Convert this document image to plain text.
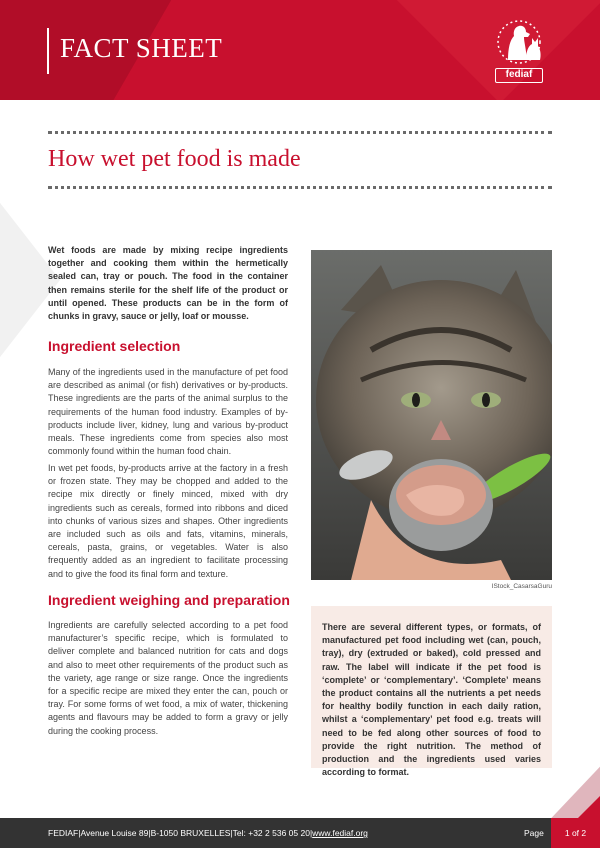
FACT SHEET
fediaf
How wet pet food is made
Wet foods are made by mixing recipe ingredients together and cooking them within the hermetically sealed can, tray or pouch. The food in the container then remains sterile for the shelf life of the product or until opened. These products can be in the form of chunks in gravy, sauce or jelly, loaf or mousse.
Ingredient selection
Many of the ingredients used in the manufacture of pet food are described as animal (or fish) derivatives or by-products. These ingredients are the parts of the animal surplus to the requirements of the human food industry. Examples of by-products include liver, kidney, lung and various by-product meals. These ingredients come from species also most commonly found within the human food chain.
In wet pet foods, by-products arrive at the factory in a fresh or frozen state. They may be chopped and added to the recipe mix directly or finely minced, mixed with dry ingredients such as cereals, formed into ribbons and diced into chunks of various sizes and shapes. Other ingredients are included such as oils and fats, vitamins, minerals, cereals, pasta, grains, or vegetables. Water is also frequently added as an ingredient to facilitate processing and to give the food its final form and texture.
Ingredient weighing and preparation
Ingredients are carefully selected according to a pet food manufacturer’s specific recipe, which is formulated to deliver complete and balanced nutrition for cats and dogs and also to meet other requirements of the product such as the variety, age range or size range. Once the ingredients for a specific recipe are mixed they enter the can, pouch or tray. For some forms of wet food, a mix of water, thickening agents and flavours may be added to form a gravy or jelly during the cooking process.
IStock_CasarsaGuru
There are several different types, or formats, of manufactured pet food including wet (can, pouch, tray), dry (extruded or baked), cold pressed and raw. The label will indicate if the pet food is ‘complete’ or ‘complementary’. ‘Complete’ means the product contains all the nutrients a pet needs for healthy bodily function in each daily ration, whilst a ‘complementary’ pet food e.g. treats will need to be fed along other sources of food to provide the right nutrition. The method of production and the ingredients used varies according to format.
FEDIAF|Avenue Louise 89|B-1050 BRUXELLES|Tel: +32 2 536 05 20|www.fediaf.org	Page	1 of 2
